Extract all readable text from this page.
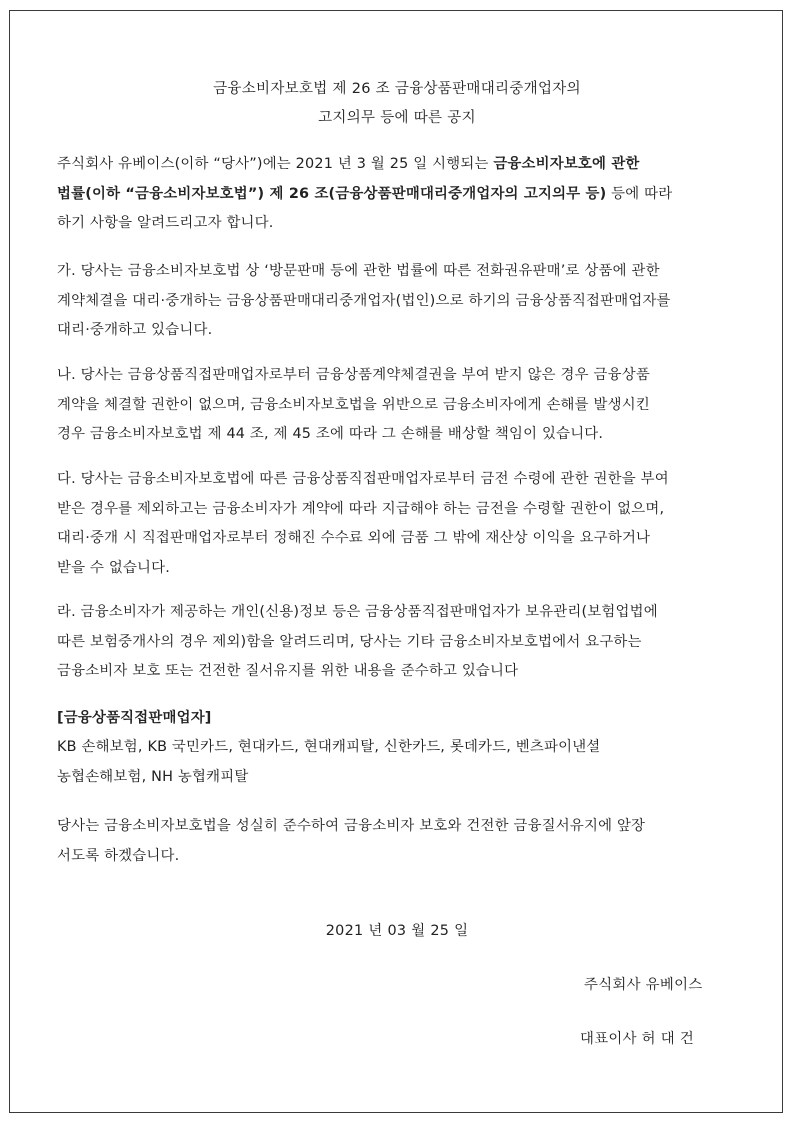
금융소비자보호법 제 26 조 금융상품판매대리중개업자의
고지의무 등에 따른 공지

주식회사 유베이스(이하 “당사”)에는 2021 년 3 월 25 일 시행되는 금융소비자보호에 관한
법률(이하 “금융소비자보호법”) 제 26 조(금융상품판매대리중개업자의 고지의무 등) 등에 따라
하기 사항을 알려드리고자 합니다.

가. 당사는 금융소비자보호법 상 ‘방문판매 등에 관한 법률에 따른 전화권유판매’로 상품에 관한
계약체결을 대리·중개하는 금융상품판매대리중개업자(법인)으로 하기의 금융상품직접판매업자를
대리·중개하고 있습니다.

나. 당사는 금융상품직접판매업자로부터 금융상품계약체결권을 부여 받지 않은 경우 금융상품
계약을 체결할 권한이 없으며, 금융소비자보호법을 위반으로 금융소비자에게 손해를 발생시킨
경우 금융소비자보호법 제 44 조, 제 45 조에 따라 그 손해를 배상할 책임이 있습니다.

다. 당사는 금융소비자보호법에 따른 금융상품직접판매업자로부터 금전 수령에 관한 권한을 부여
받은 경우를 제외하고는 금융소비자가 계약에 따라 지급해야 하는 금전을 수령할 권한이 없으며,
대리·중개 시 직접판매업자로부터 정해진 수수료 외에 금품 그 밖에 재산상 이익을 요구하거나
받을 수 없습니다.

라. 금융소비자가 제공하는 개인(신용)정보 등은 금융상품직접판매업자가 보유관리(보험업법에
따른 보험중개사의 경우 제외)함을 알려드리며, 당사는 기타 금융소비자보호법에서 요구하는
금융소비자 보호 또는 건전한 질서유지를 위한 내용을 준수하고 있습니다

[금융상품직접판매업자]

KB 손해보험, KB 국민카드, 현대카드, 현대캐피탈, 신한카드, 롯데카드, 벤츠파이낸셜
농협손해보험, NH 농협캐피탈

당사는 금융소비자보호법을 성실히 준수하여 금융소비자 보호와 건전한 금융질서유지에 앞장
서도록 하겠습니다.

2021 년 03 월 25 일
주식회사 유베이스
대표이사 허 대 건
